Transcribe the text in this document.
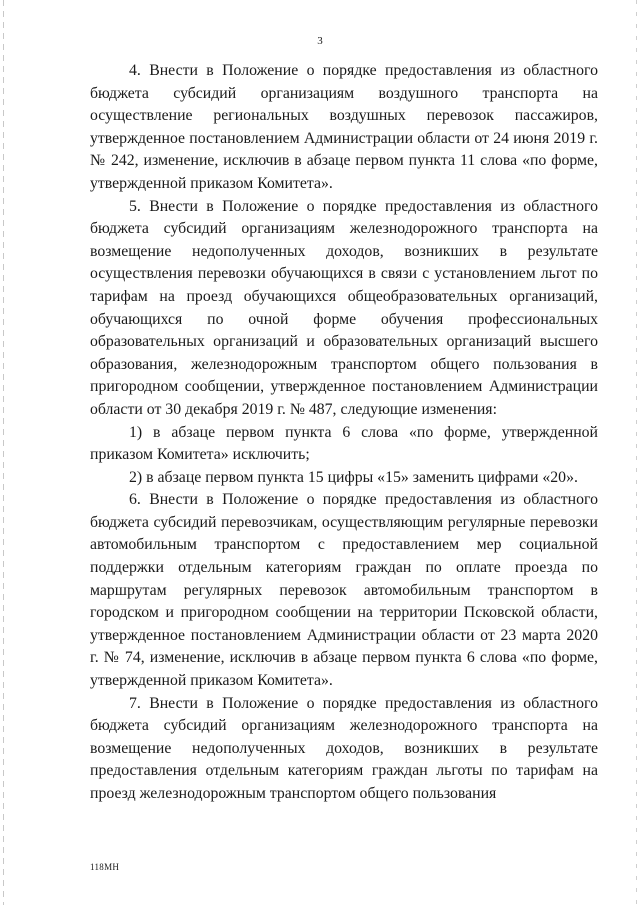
3

4. Внести в Положение о порядке предоставления из областного бюджета субсидий организациям воздушного транспорта на осуществление региональных воздушных перевозок пассажиров, утвержденное постановлением Администрации области от 24 июня 2019 г. № 242, изменение, исключив в абзаце первом пункта 11 слова «по форме, утвержденной приказом Комитета».

5. Внести в Положение о порядке предоставления из областного бюджета субсидий организациям железнодорожного транспорта на возмещение недополученных доходов, возникших в результате осуществления перевозки обучающихся в связи с установлением льгот по тарифам на проезд обучающихся общеобразовательных организаций, обучающихся по очной форме обучения профессиональных образовательных организаций и образовательных организаций высшего образования, железнодорожным транспортом общего пользования в пригородном сообщении, утвержденное постановлением Администрации области от 30 декабря 2019 г. № 487, следующие изменения:

1) в абзаце первом пункта 6 слова «по форме, утвержденной приказом Комитета» исключить;

2) в абзаце первом пункта 15 цифры «15» заменить цифрами «20».

6. Внести в Положение о порядке предоставления из областного бюджета субсидий перевозчикам, осуществляющим регулярные перевозки автомобильным транспортом с предоставлением мер социальной поддержки отдельным категориям граждан по оплате проезда по маршрутам регулярных перевозок автомобильным транспортом в городском и пригородном сообщении на территории Псковской области, утвержденное постановлением Администрации области от 23 марта 2020 г. № 74, изменение, исключив в абзаце первом пункта 6 слова «по форме, утвержденной приказом Комитета».

7. Внести в Положение о порядке предоставления из областного бюджета субсидий организациям железнодорожного транспорта на возмещение недополученных доходов, возникших в результате предоставления отдельным категориям граждан льготы по тарифам на проезд железнодорожным транспортом общего пользования

118МН
